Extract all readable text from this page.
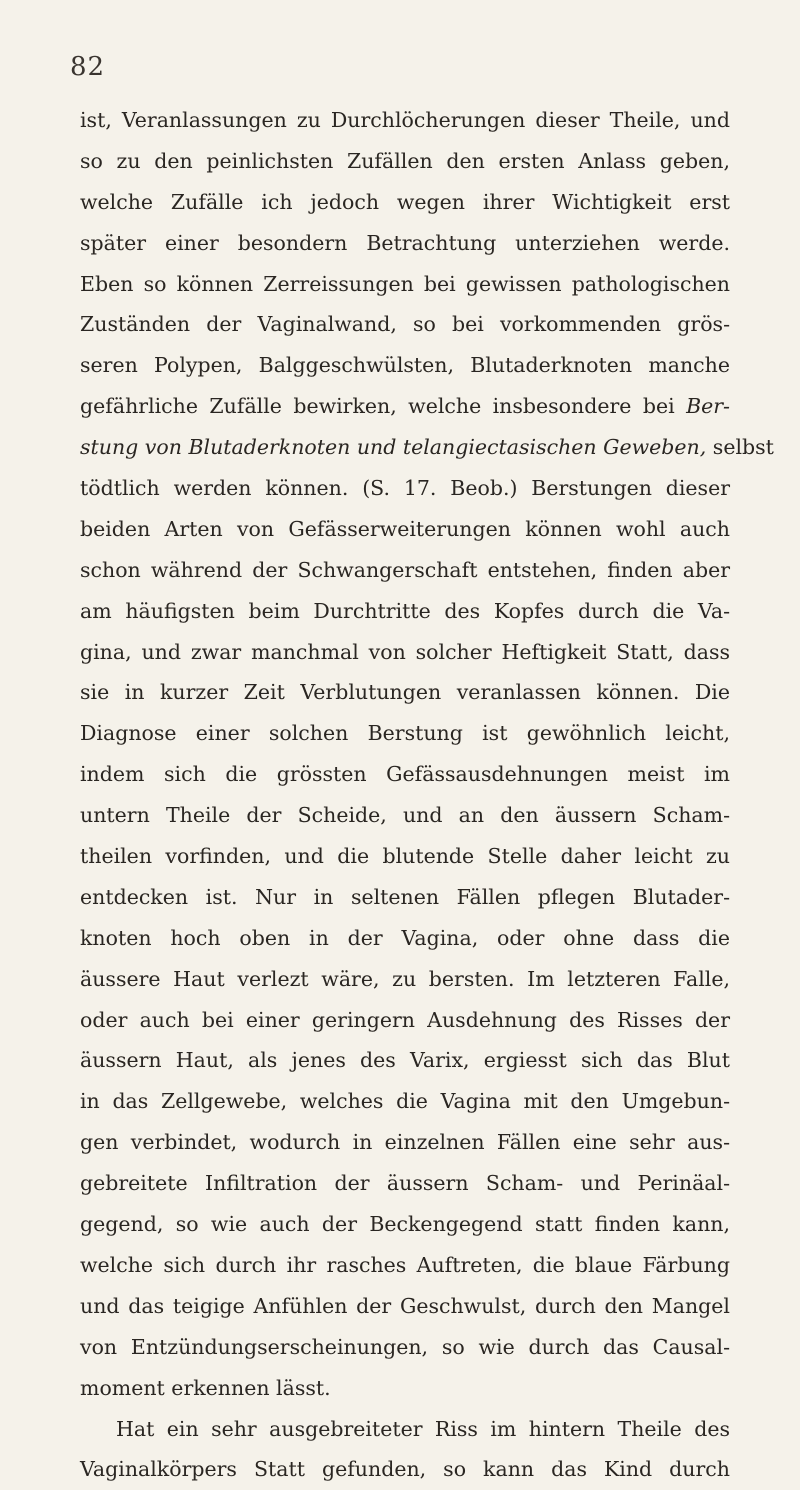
82
ist, Veranlassungen zu Durchlöcherungen dieser Theile, und
so zu den peinlichsten Zufällen den ersten Anlass geben,
welche Zufälle ich jedoch wegen ihrer Wichtigkeit erst
später einer besondern Betrachtung unterziehen werde.
Eben so können Zerreissungen bei gewissen pathologischen
Zuständen der Vaginalwand, so bei vorkommenden grös-
seren Polypen, Balggeschwülsten, Blutaderknoten manche
gefährliche Zufälle bewirken, welche insbesondere bei Ber-
stung von Blutaderknoten und telangiectasischen Geweben, selbst
tödtlich werden können. (S. 17. Beob.) Berstungen dieser
beiden Arten von Gefässerweiterungen können wohl auch
schon während der Schwangerschaft entstehen, finden aber
am häufigsten beim Durchtritte des Kopfes durch die Va-
gina, und zwar manchmal von solcher Heftigkeit Statt, dass
sie in kurzer Zeit Verblutungen veranlassen können. Die
Diagnose einer solchen Berstung ist gewöhnlich leicht,
indem sich die grössten Gefässausdehnungen meist im
untern Theile der Scheide, und an den äussern Scham-
theilen vorfinden, und die blutende Stelle daher leicht zu
entdecken ist. Nur in seltenen Fällen pflegen Blutader-
knoten hoch oben in der Vagina, oder ohne dass die
äussere Haut verlezt wäre, zu bersten. Im letzteren Falle,
oder auch bei einer geringern Ausdehnung des Risses der
äussern Haut, als jenes des Varix, ergiesst sich das Blut
in das Zellgewebe, welches die Vagina mit den Umgebun-
gen verbindet, wodurch in einzelnen Fällen eine sehr aus-
gebreitete Infiltration der äussern Scham- und Perinäal-
gegend, so wie auch der Beckengegend statt finden kann,
welche sich durch ihr rasches Auftreten, die blaue Färbung
und das teigige Anfühlen der Geschwulst, durch den Mangel
von Entzündungserscheinungen, so wie durch das Causal-
moment erkennen lässt.
Hat ein sehr ausgebreiteter Riss im hintern Theile des
Vaginalkörpers Statt gefunden, so kann das Kind durch
